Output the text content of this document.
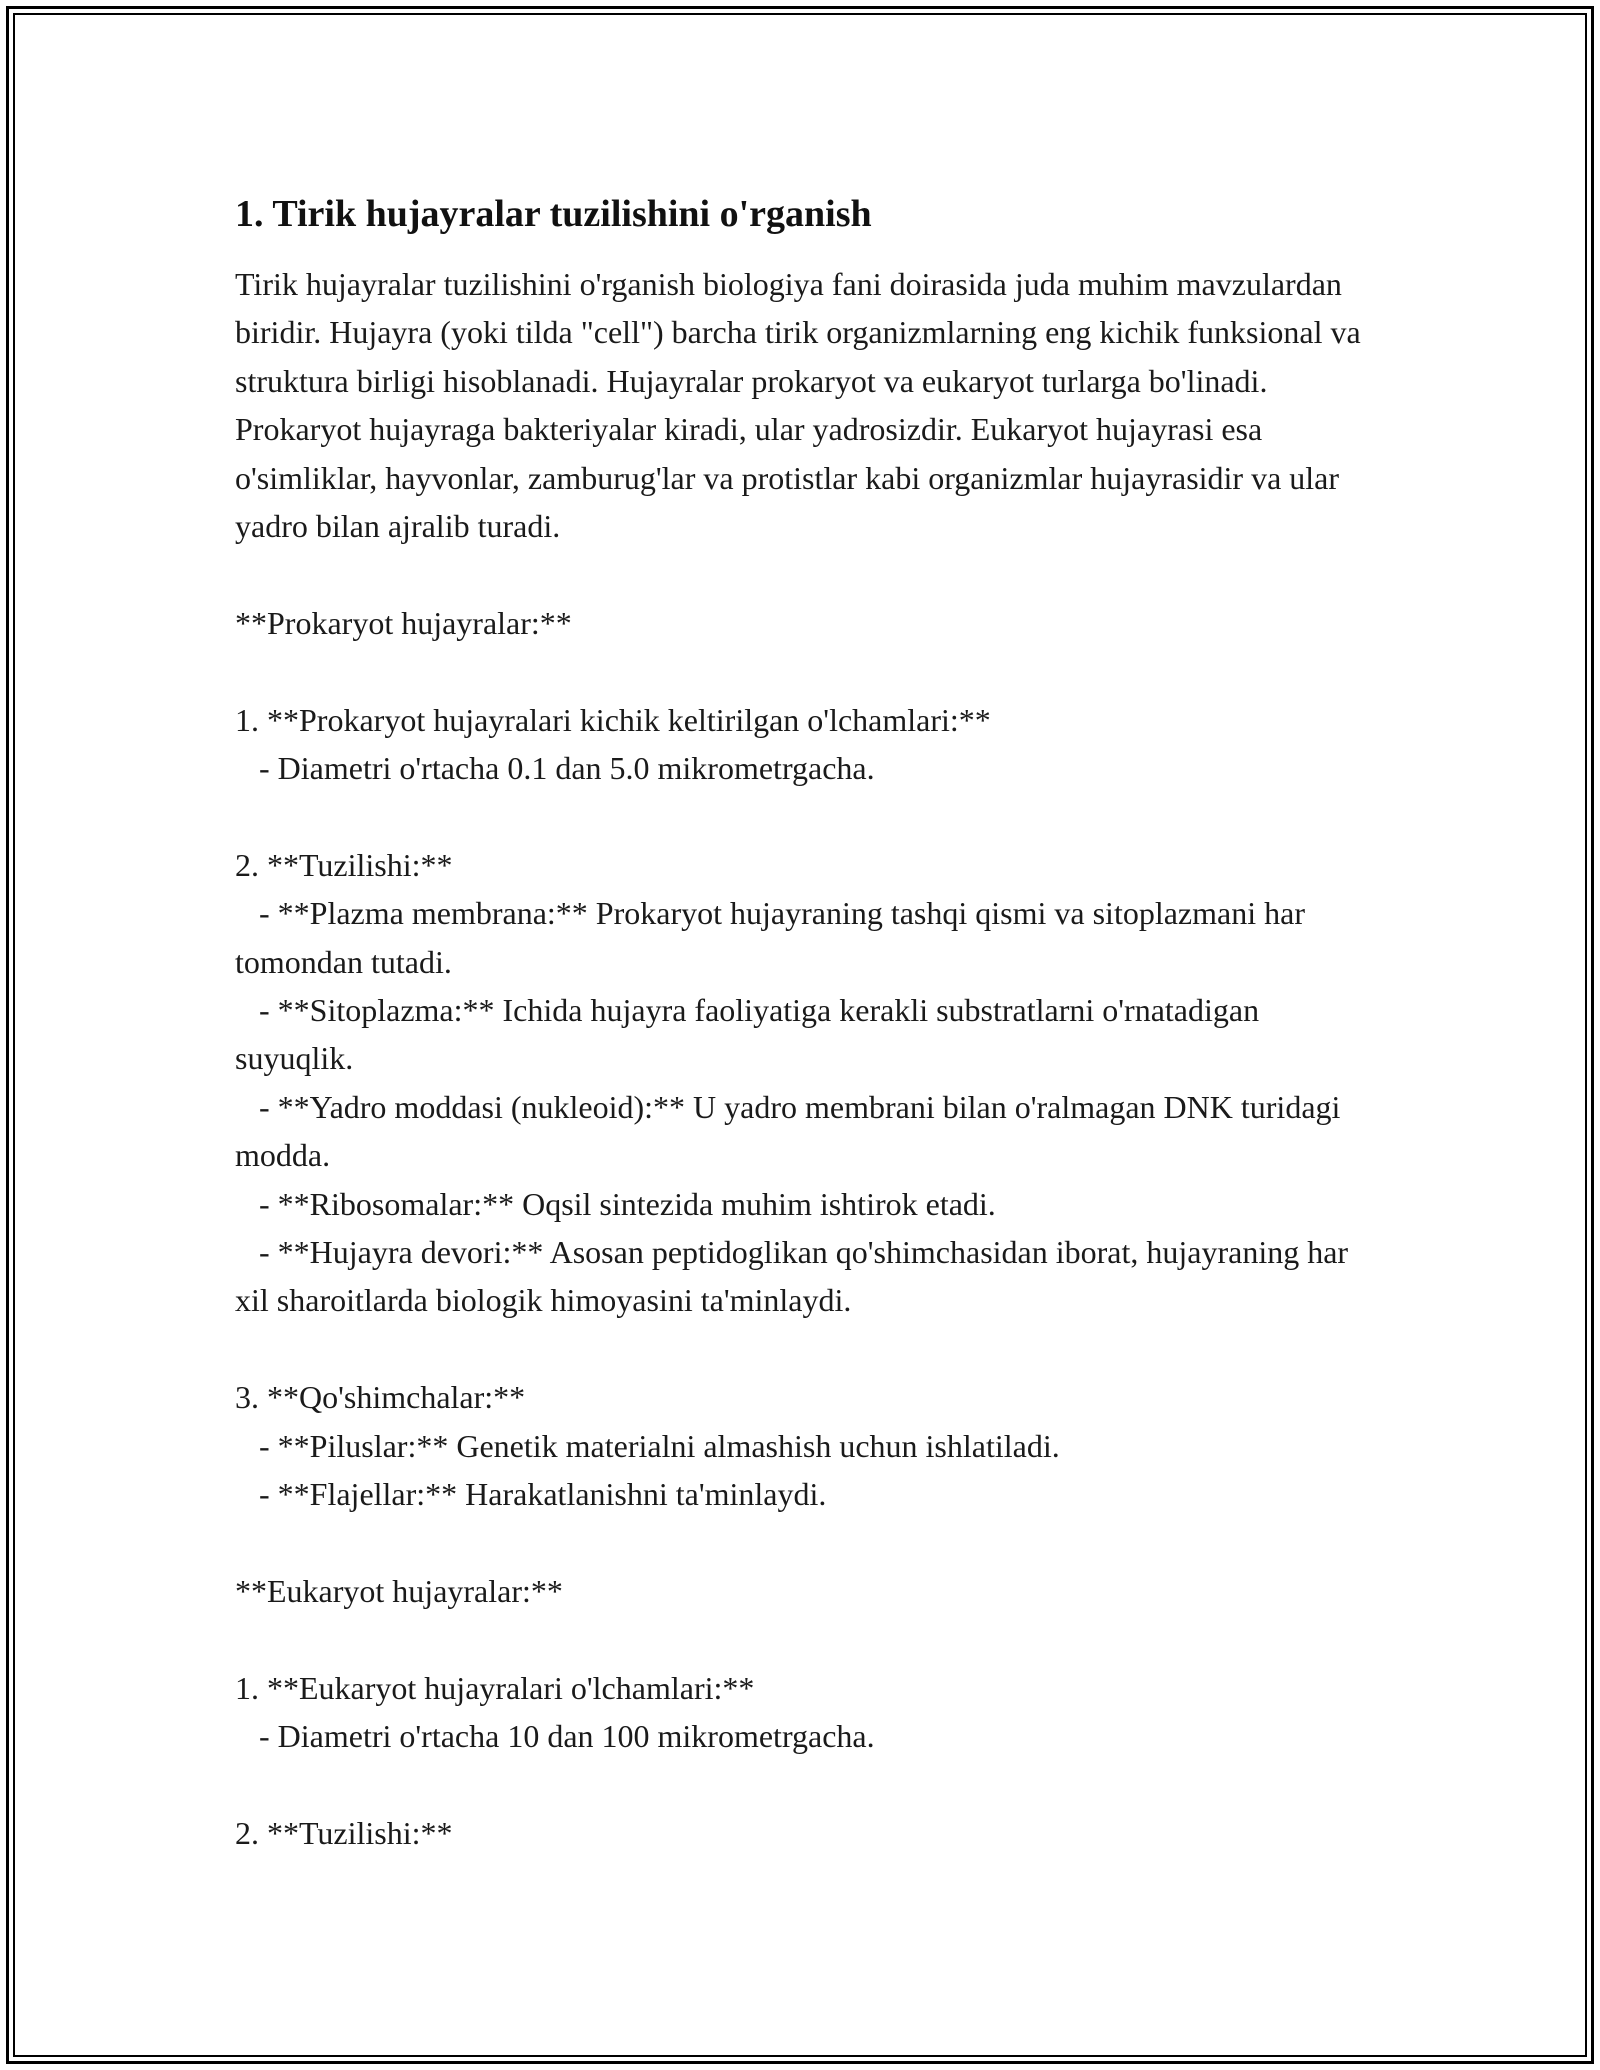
1. Tirik hujayralar tuzilishini o'rganish

Tirik hujayralar tuzilishini o'rganish biologiya fani doirasida juda muhim mavzulardan biridir. Hujayra (yoki tilda "cell") barcha tirik organizmlarning eng kichik funksional va struktura birligi hisoblanadi. Hujayralar prokaryot va eukaryot turlarga bo'linadi. Prokaryot hujayraga bakteriyalar kiradi, ular yadrosizdir. Eukaryot hujayrasi esa o'simliklar, hayvonlar, zamburug'lar va protistlar kabi organizmlar hujayrasidir va ular yadro bilan ajralib turadi.

**Prokaryot hujayralar:**
1. **Prokaryot hujayralari kichik keltirilgan o'lchamlari:**
- Diametri o'rtacha 0.1 dan 5.0 mikrometrgacha.
2. **Tuzilishi:**
- **Plazma membrana:** Prokaryot hujayraning tashqi qismi va sitoplazmani har tomondan tutadi.
- **Sitoplazma:** Ichida hujayra faoliyatiga kerakli substratlarni o'rnatadigan suyuqlik.
- **Yadro moddasi (nukleoid):** U yadro membrani bilan o'ralmagan DNK turidagi modda.
- **Ribosomalar:** Oqsil sintezida muhim ishtirok etadi.
- **Hujayra devori:** Asosan peptidoglikan qo'shimchasidan iborat, hujayraning har xil sharoitlarda biologik himoyasini ta'minlaydi.
3. **Qo'shimchalar:**
- **Piluslar:** Genetik materialni almashish uchun ishlatiladi.
- **Flajellar:** Harakatlanishni ta'minlaydi.
**Eukaryot hujayralar:**
1. **Eukaryot hujayralari o'lchamlari:**
- Diametri o'rtacha 10 dan 100 mikrometrgacha.
2. **Tuzilishi:**
